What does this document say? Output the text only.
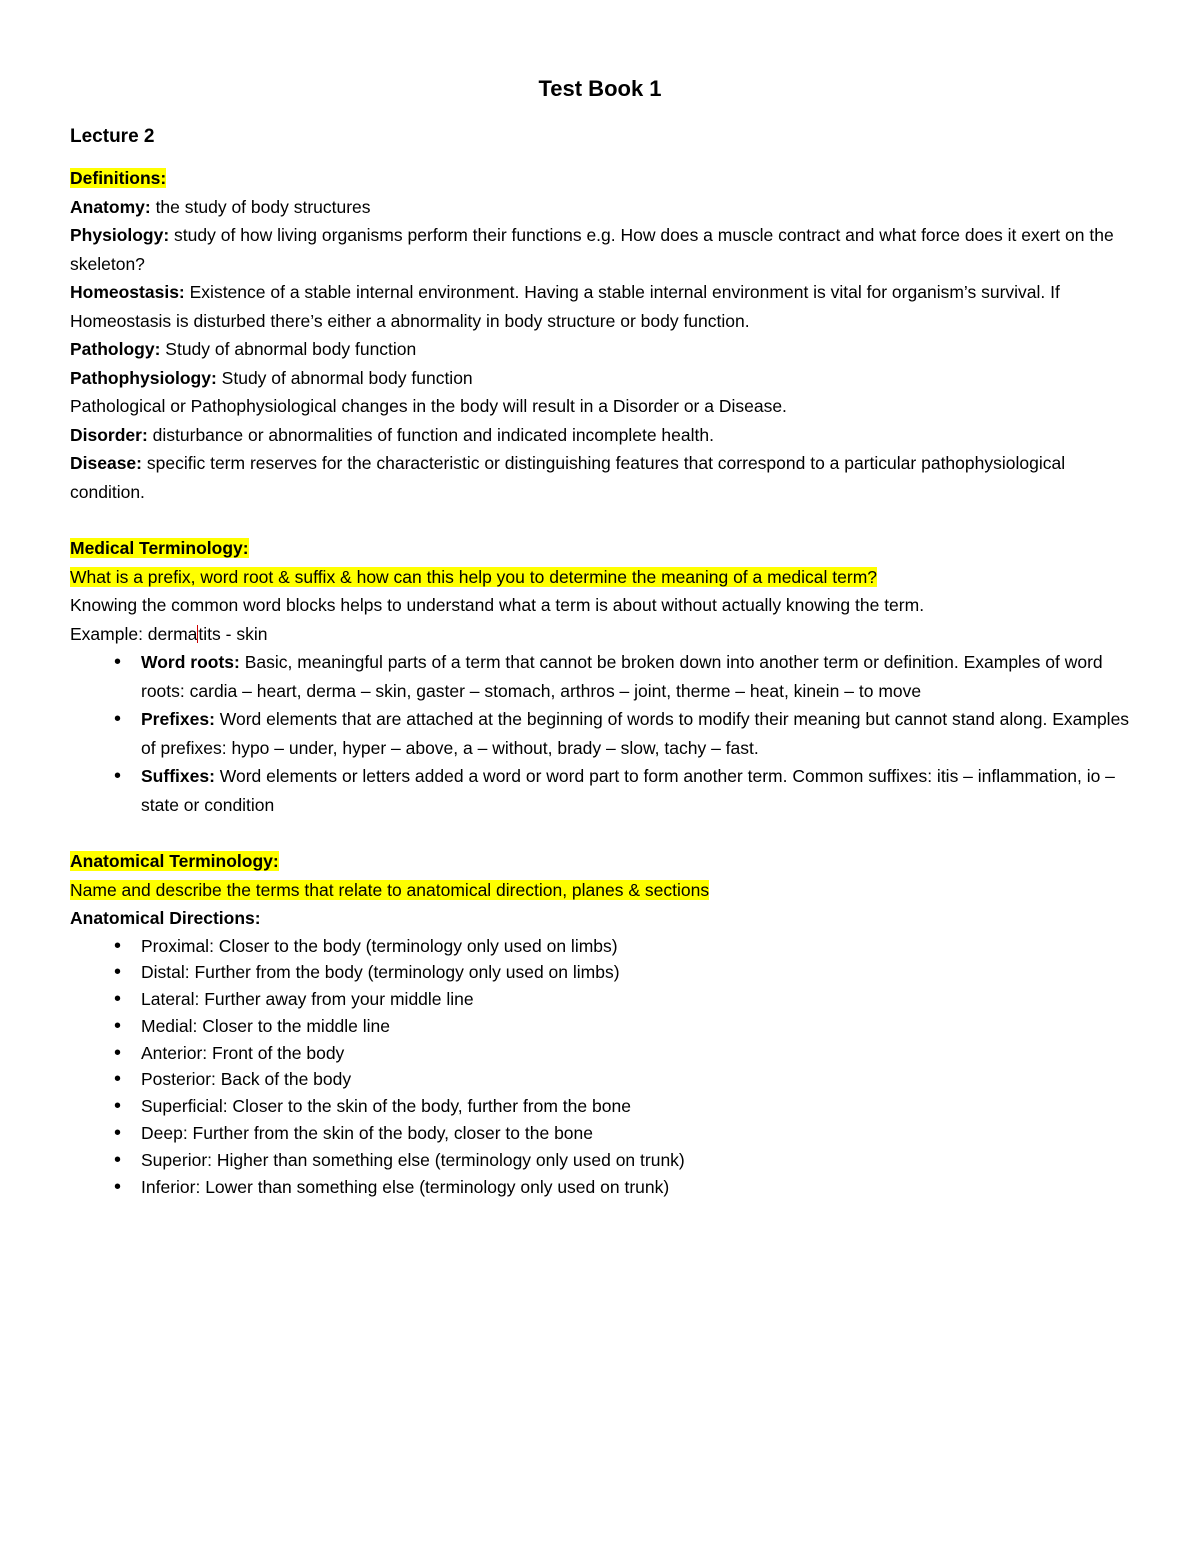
Test Book 1
Lecture 2
Definitions:
Anatomy: the study of body structures
Physiology: study of how living organisms perform their functions e.g. How does a muscle contract and what force does it exert on the skeleton?
Homeostasis: Existence of a stable internal environment. Having a stable internal environment is vital for organism’s survival. If Homeostasis is disturbed there’s either a abnormality in body structure or body function.
Pathology: Study of abnormal body function
Pathophysiology: Study of abnormal body function
Pathological or Pathophysiological changes in the body will result in a Disorder or a Disease.
Disorder: disturbance or abnormalities of function and indicated incomplete health.
Disease: specific term reserves for the characteristic or distinguishing features that correspond to a particular pathophysiological condition.
Medical Terminology:
What is a prefix, word root & suffix & how can this help you to determine the meaning of a medical term?
Knowing the common word blocks helps to understand what a term is about without actually knowing the term.
Example: dermatits - skin
• Word roots: Basic, meaningful parts of a term that cannot be broken down into another term or definition. Examples of word roots: cardia – heart, derma – skin, gaster – stomach, arthros – joint, therme – heat, kinein – to move
• Prefixes: Word elements that are attached at the beginning of words to modify their meaning but cannot stand along. Examples of prefixes: hypo – under, hyper – above, a – without, brady – slow, tachy – fast.
• Suffixes: Word elements or letters added a word or word part to form another term. Common suffixes: itis – inflammation, io – state or condition
Anatomical Terminology:
Name and describe the terms that relate to anatomical direction, planes & sections
Anatomical Directions:
• Proximal: Closer to the body (terminology only used on limbs)
• Distal: Further from the body (terminology only used on limbs)
• Lateral: Further away from your middle line
• Medial: Closer to the middle line
• Anterior: Front of the body
• Posterior: Back of the body
• Superficial: Closer to the skin of the body, further from the bone
• Deep: Further from the skin of the body, closer to the bone
• Superior: Higher than something else (terminology only used on trunk)
• Inferior: Lower than something else (terminology only used on trunk)
